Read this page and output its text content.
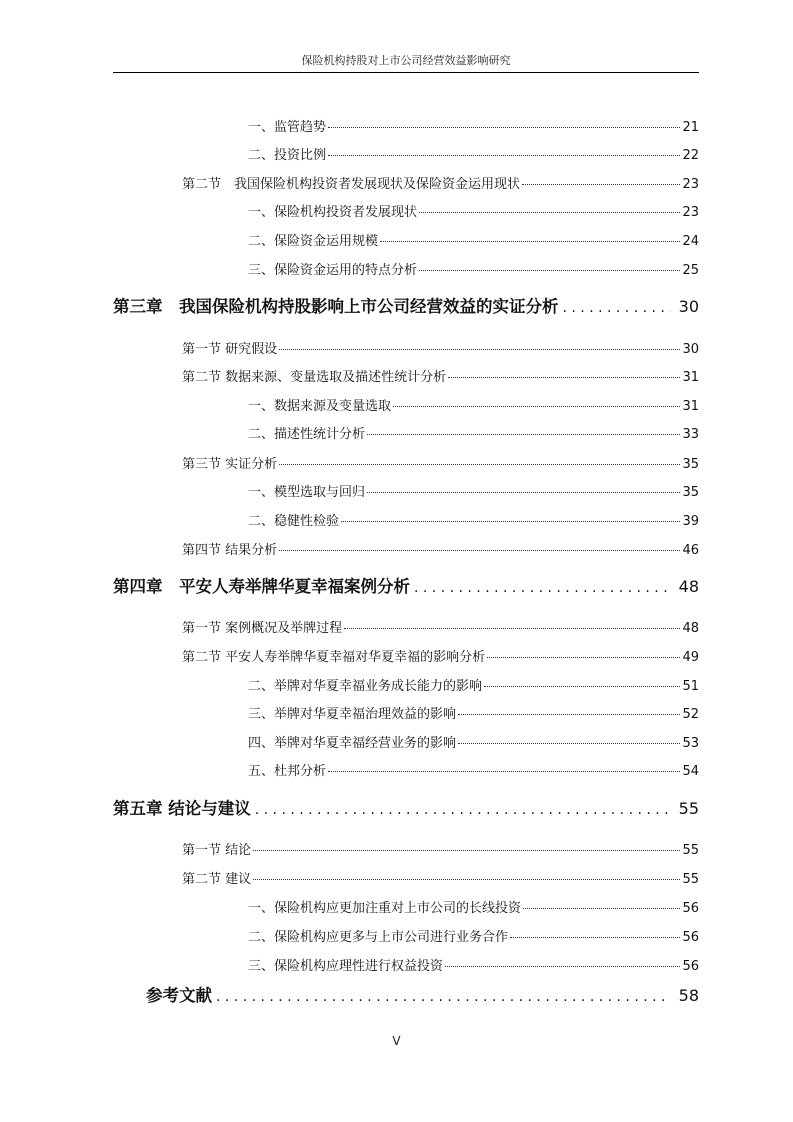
保险机构持股对上市公司经营效益影响研究
一、监管趋势	21
二、投资比例	22
第二节　我国保险机构投资者发展现状及保险资金运用现状	23
一、保险机构投资者发展现状	23
二、保险资金运用规模	24
三、保险资金运用的特点分析	25
第三章　我国保险机构持股影响上市公司经营效益的实证分析 . . .	30
第一节 研究假设	30
第二节 数据来源、变量选取及描述性统计分析	31
一、数据来源及变量选取	31
二、描述性统计分析	33
第三节 实证分析	35
一、模型选取与回归	35
二、稳健性检验	39
第四节 结果分析	46
第四章　平安人寿举牌华夏幸福案例分析 . . .	48
第一节 案例概况及举牌过程	48
第二节 平安人寿举牌华夏幸福对华夏幸福的影响分析	49
二、举牌对华夏幸福业务成长能力的影响	51
三、举牌对华夏幸福治理效益的影响	52
四、举牌对华夏幸福经营业务的影响	53
五、杜邦分析	54
第五章 结论与建议 . . .	55
第一节 结论	55
第二节 建议	55
一、保险机构应更加注重对上市公司的长线投资	56
二、保险机构应更多与上市公司进行业务合作	56
三、保险机构应理性进行权益投资	56
参考文献 . . .	58
V
